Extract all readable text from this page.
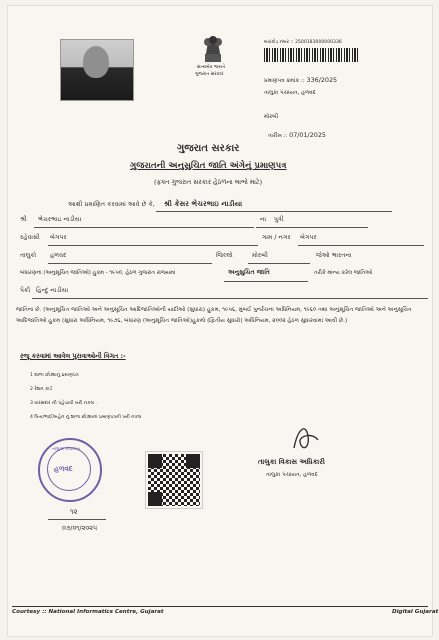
સત્યમેવ જયતે
ગુજરાત સરકાર
બારકોડ નંબર :: 2500183000000336
પ્રમાણપત્ર ક્રમાંક :: 336/2025
તાલુકા પંચાયત, હળવદ
મોરબી
તારીખ :: 07/01/2025
ગુજરાત સરકાર
ગુજરાતની અનુસુચિત જાતિ અંગેનું પ્રમાણપત્ર
(ફક્ત ગુજરાત સરકાર હેઠળના લાભો માટે)
આથી પ્રમાણિત કરવામાં આવે છે કે, શ્રી કેસર ભેચરભાઇ નાડીયા
શ્રી ભેચરભાઇ નાડીયા	ના પુત્રી
રહેવાસી બેગપર	ગામ / નગર બેગપર
તાલુકો હળવદ	જિલ્લો	મોરબી	જેઓ ભારતના
બંધારણના (અનુસૂચિત જાતિઓ) હુકમ - ૧૯૫૦, હેઠળ ગુજરાત રાજ્યમાં	અનુસુચિત જાતિ	તરીકે માન્ય કરેલ જાતિઓ
પૈકી હિન્દુ નાડીયા
જાતિના છે. (અનુસૂચિત જાતિઓ અને અનુસૂચિત આદિજાતિઓની યાદીઓ (સુધારા) હુકમ, ૧૯૫૬, મુંબઈ પુનર્રચના અધિનિયમ, ૧૯૬૦ તથા અનુસૂચિત જાતિઓ અને અનુસૂચિત આદિજાતિઓ હુકમ (સુધારા અધિનિયમ, ૧૯૭૬, બંધારણ (અનુસૂચિત જાતિઓ)હુકમો (દ્વિતીય સુધારો) અધિનિયમ, ૨૦૦૨ હેઠળ સુધારવામાં આવી છે.)
રજૂ કરવામાં આવેલ પુરાવાઓની વિગત :-
1 શાળા છોડ્યાનુ પ્રમાણપત્ર
2 રેશન કાર્ડ
3 વારસદાર ની પહેચાવી ખરી નકલ .
4 પિતા/ભાઈ/બહેન નુ શાળા છોડ્યાનાં પ્રમાણપત્રની ખરી નકલ
તાલુકા પંચાયત
હળવદ
૧૨
૦૭/૦૧/૨૦૨૫
તાલુકા વિકાસ અધિકારી
તાલુકા પંચાયત, હળવદ
Courtesy :: National Informatics Centre, Gujarat	Digital Gujarat
